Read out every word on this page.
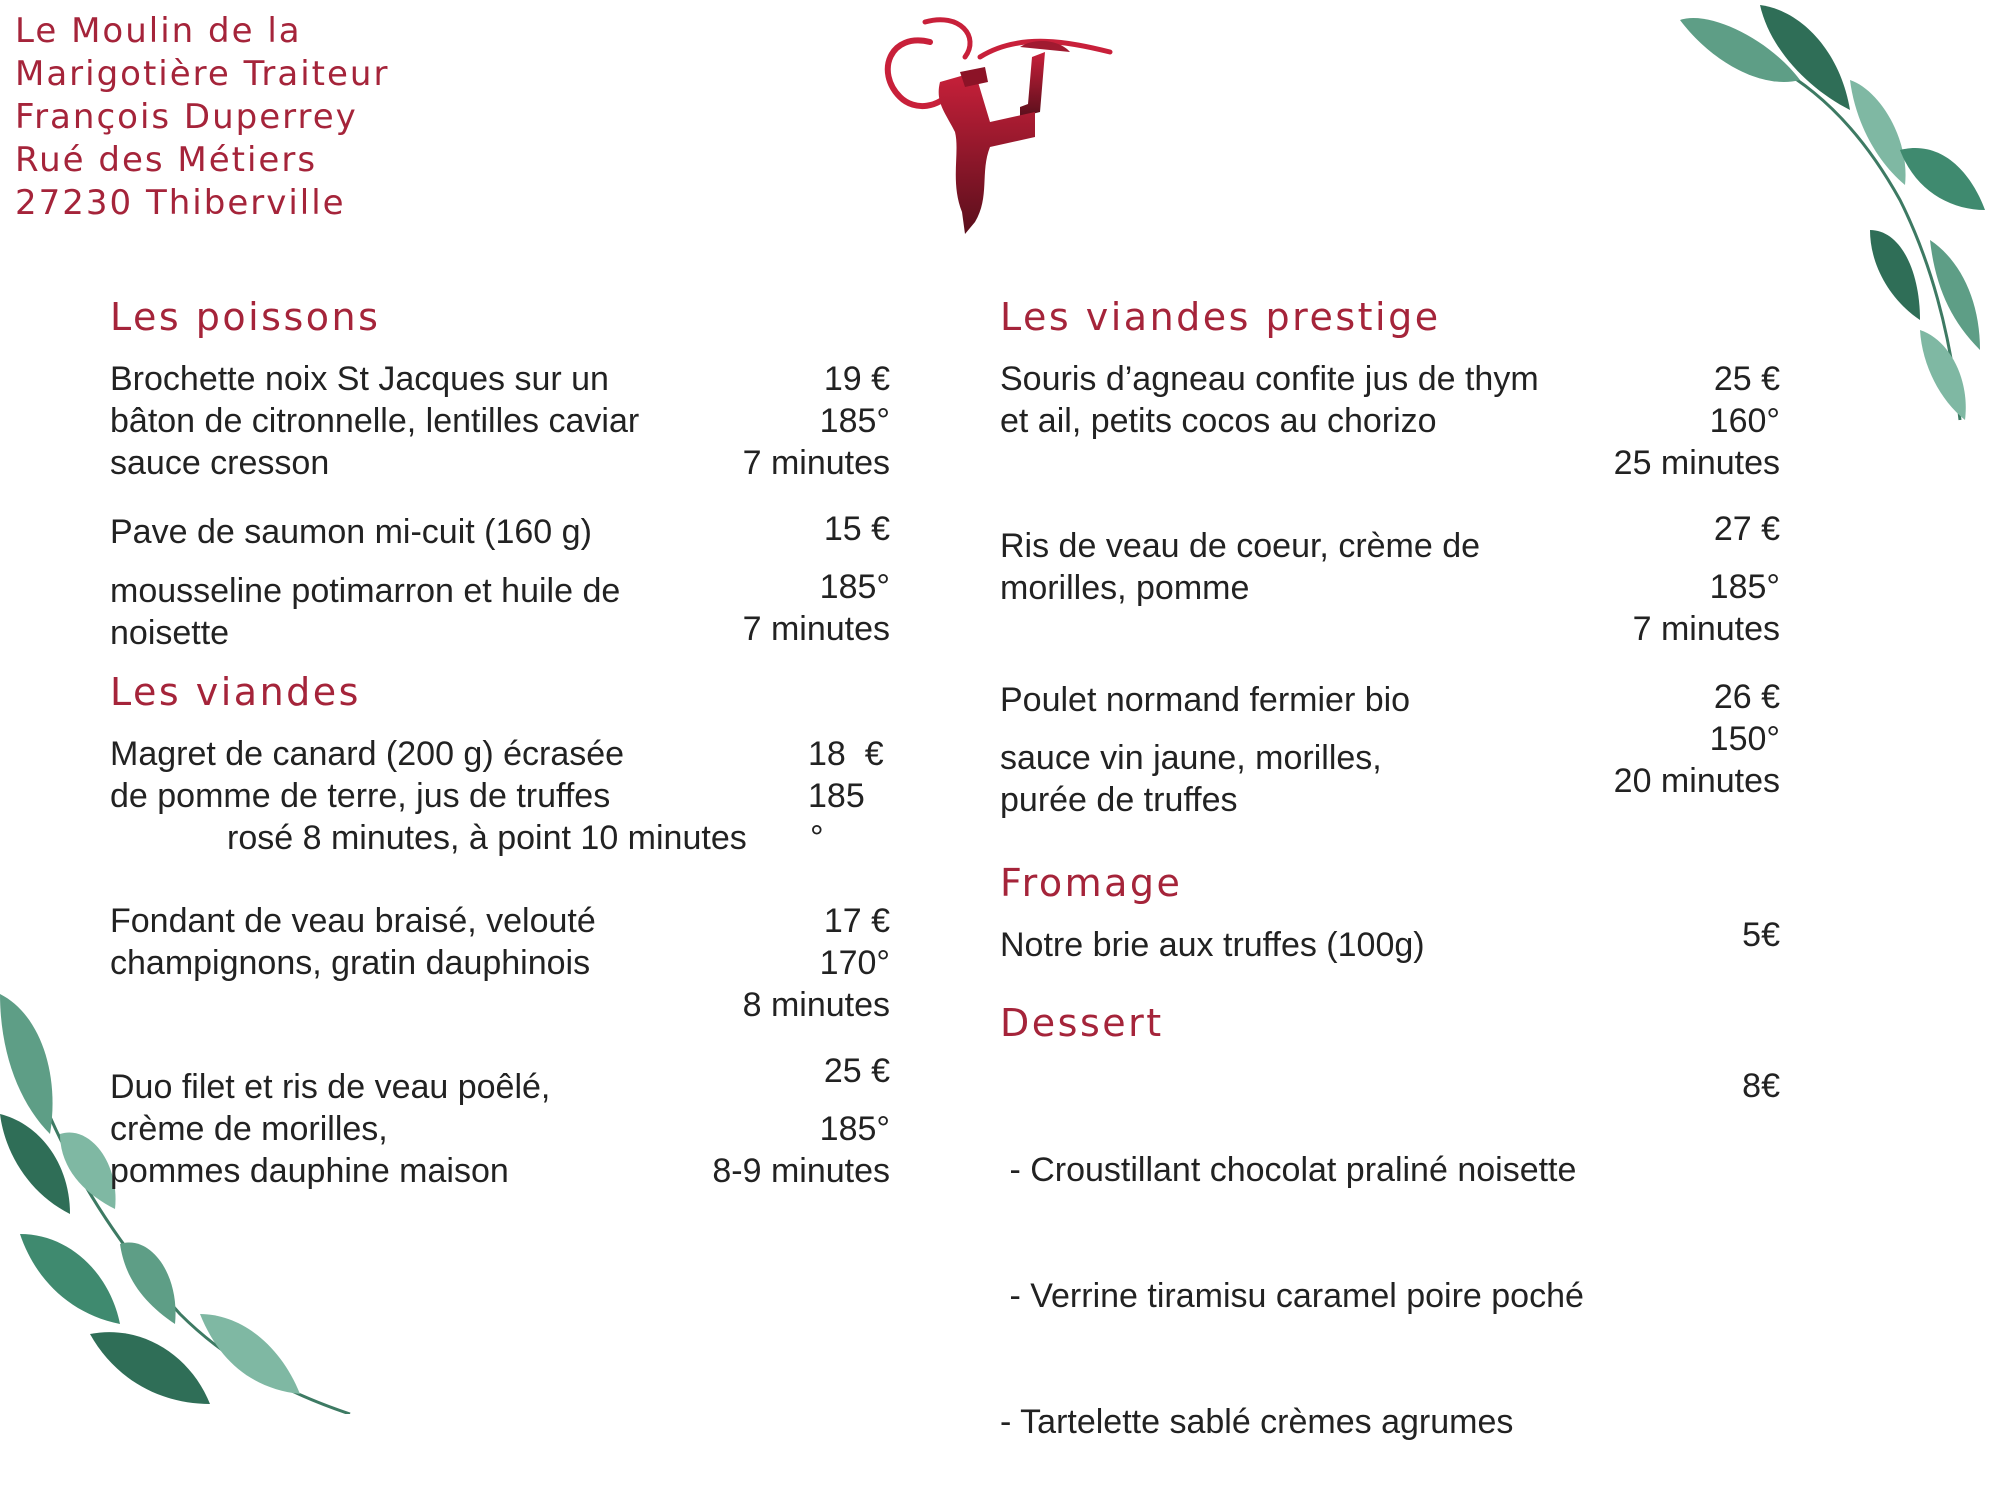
Le Moulin de la
Marigotière Traiteur
François Duperrey
Rué des Métiers
27230 Thiberville
Les poissons
Brochette noix St Jacques sur un
bâton de citronnelle, lentilles caviar
sauce cresson
19 €
185°
7 minutes
Pave de saumon mi-cuit (160 g)
mousseline potimarron et huile de
noisette
15 €
185°
7 minutes
Les viandes
Magret de canard (200 g) écrasée
de pomme de terre, jus de truffes
rosé 8 minutes, à point 10 minutes
18  €
185
°
Fondant de veau braisé, velouté
champignons, gratin dauphinois
17 €
170°
8 minutes
Duo filet et ris de veau poêlé,
crème de morilles,
pommes dauphine maison
25 €
185°
8-9 minutes
Les viandes prestige
Souris d’agneau confite jus de thym
et ail, petits cocos au chorizo
25 €
160°
25 minutes
Ris de veau de coeur, crème de
morilles, pomme
27 €
185°
7 minutes
Poulet normand fermier bio
sauce vin jaune, morilles,
purée de truffes
26 €
150°
20 minutes
Fromage
Notre brie aux truffes (100g)	5€
Dessert

- Croustillant chocolat praliné noisette

- Verrine tiramisu caramel poire poché

- Tartelette sablé crèmes agrumes

8€
